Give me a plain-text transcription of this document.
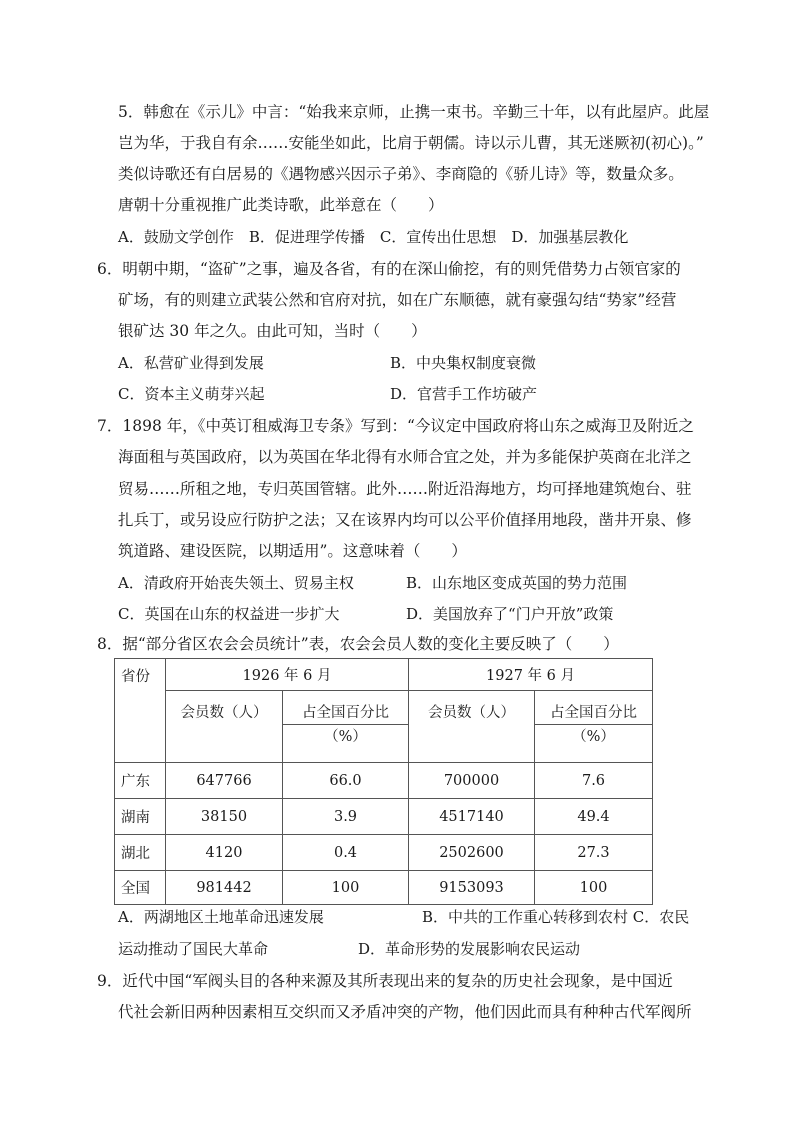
5．韩愈在《示儿》中言：“始我来京师，止携一束书。辛勤三十年，以有此屋庐。此屋
岂为华，于我自有余……安能坐如此，比肩于朝儒。诗以示儿曹，其无迷厥初(初心)。”
类似诗歌还有白居易的《遇物感兴因示子弟》、李商隐的《骄儿诗》等，数量众多。
唐朝十分重视推广此类诗歌，此举意在（　　）
A．鼓励文学创作　B．促进理学传播　C．宣传出仕思想　D．加强基层教化
6．明朝中期，“盗矿”之事，遍及各省，有的在深山偷挖，有的则凭借势力占领官家的
矿场，有的则建立武装公然和官府对抗，如在广东顺德，就有豪强勾结“势家”经营
银矿达 30 年之久。由此可知，当时（　　）
A．私营矿业得到发展	B．中央集权制度衰微
C．资本主义萌芽兴起	D．官营手工作坊破产
7．1898 年，《中英订租威海卫专条》写到：“今议定中国政府将山东之威海卫及附近之
海面租与英国政府，以为英国在华北得有水师合宜之处，并为多能保护英商在北洋之
贸易……所租之地，专归英国管辖。此外……附近沿海地方，均可择地建筑炮台、驻
扎兵丁，或另设应行防护之法；又在该界内均可以公平价值择用地段，凿井开泉、修
筑道路、建设医院，以期适用”。这意味着（　　）
A．清政府开始丧失领土、贸易主权	B．山东地区变成英国的势力范围
C．英国在山东的权益进一步扩大	D．美国放弃了“门户开放”政策
8．据“部分省区农会会员统计”表，农会会员人数的变化主要反映了（　　）
省份	1926 年 6 月		1927 年 6 月	
	会员数（人）	占全国百分比	会员数（人）	占全国百分比
		（%）		（%）
广东	647766	66.0	700000	7.6
湖南	38150	3.9	4517140	49.4
湖北	4120	0.4	2502600	27.3
全国	981442	100	9153093	100
A．两湖地区土地革命迅速发展	B．中共的工作重心转移到农村 C．农民
运动推动了国民大革命	D．革命形势的发展影响农民运动
9．近代中国“军阀头目的各种来源及其所表现出来的复杂的历史社会现象，是中国近
代社会新旧两种因素相互交织而又矛盾冲突的产物，他们因此而具有种种古代军阀所
